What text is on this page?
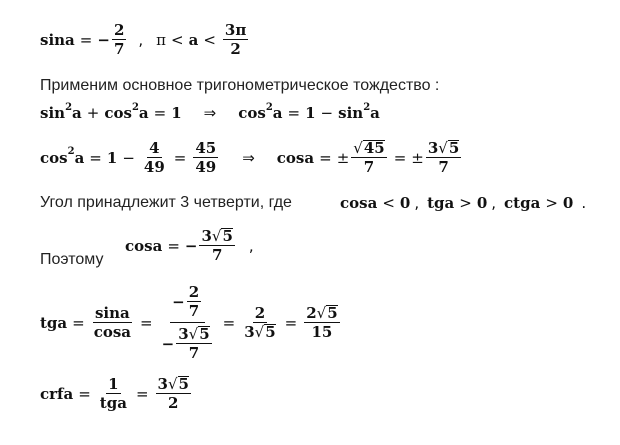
sina = − $\frac{2}{7}$ , $\pi < a < \frac{3\pi}{2}$
Применим основное тригонометрическое тождество :
sin 2 a + cos 2 a = 1 ⇒ cos 2 a = 1 − sin 2 a
cos 2 $a = 1 - \frac{4}{49} = \frac{45}{49}$ ⇒ cosa = ± $\frac{√ 45}{7}$ = ± $\frac{3 √ 5}{7}$
Угол принадлежит 3 четверти, где	cosa < 0 , tga > 0 , ctga > 0 .
Поэтому
cosa = − $\frac{3 √ 5}{7}$ ,
tga = $\frac{\sin a}{\cos a} = \frac{- \frac{2}{7}}{- \frac{3 √ 5}{7}} = \frac{2}{3 √ 5} = \frac{2 √ 5}{15}$
crfa = $\frac{1}{\text{tga}} = \frac{3 √ 5}{2}$
